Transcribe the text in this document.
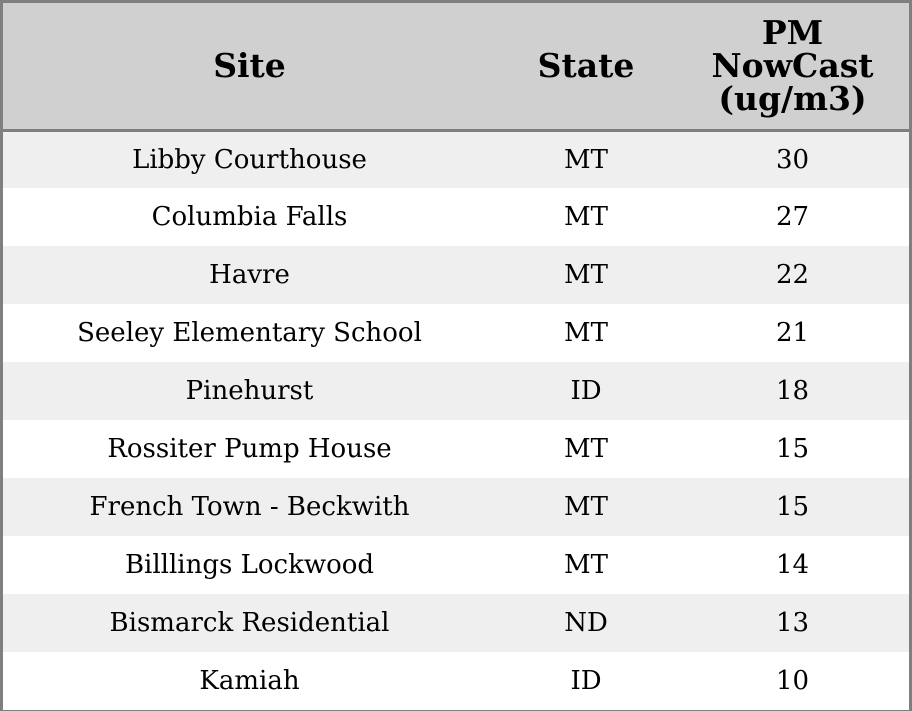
Site	State	PM
NowCast
(ug/m3)

Libby Courthouse	MT	30
Columbia Falls	MT	27
Havre	MT	22
Seeley Elementary School	MT	21
Pinehurst	ID	18
Rossiter Pump House	MT	15
French Town - Beckwith	MT	15
Billlings Lockwood	MT	14
Bismarck Residential	ND	13
Kamiah	ID	10
